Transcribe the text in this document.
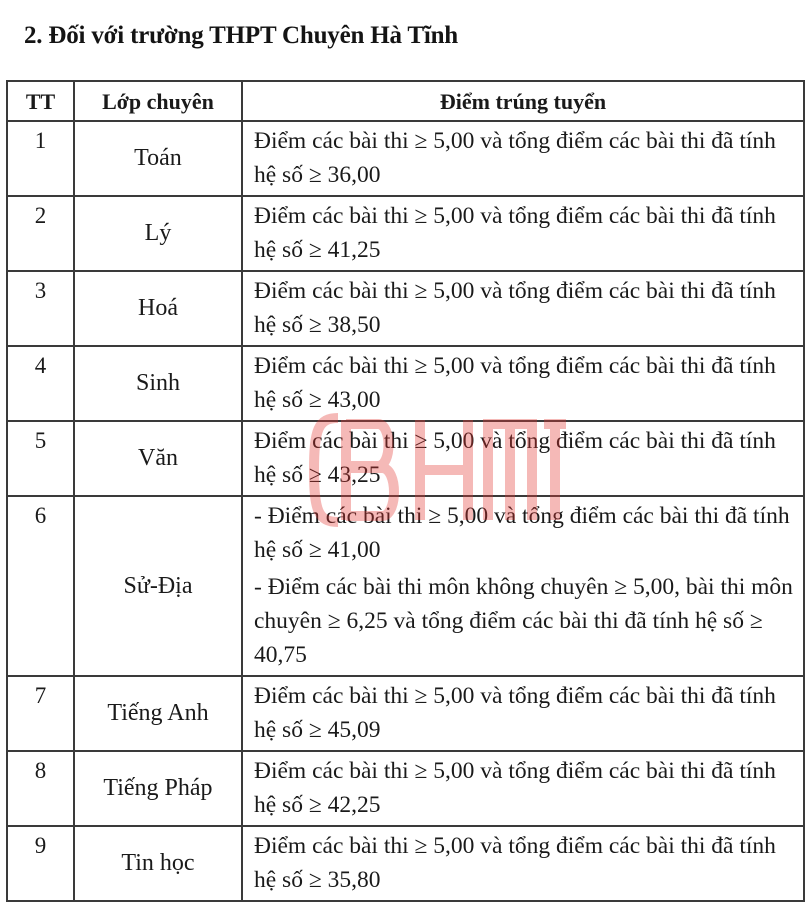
2. Đối với trường THPT Chuyên Hà Tĩnh
TT	Lớp chuyên	Điểm trúng tuyển
1	Toán	Điểm các bài thi ≥ 5,00 và tổng điểm các bài thi đã tính hệ số ≥ 36,00

2	Lý	Điểm các bài thi ≥ 5,00 và tổng điểm các bài thi đã tính hệ số ≥ 41,25

3	Hoá	Điểm các bài thi ≥ 5,00 và tổng điểm các bài thi đã tính hệ số ≥ 38,50

4	Sinh	Điểm các bài thi ≥ 5,00 và tổng điểm các bài thi đã tính hệ số ≥ 43,00

5	Văn	Điểm các bài thi ≥ 5,00 và tổng điểm các bài thi đã tính hệ số ≥ 43,25

6	Sử-Địa	- Điểm các bài thi ≥ 5,00 và tổng điểm các bài thi đã tính hệ số ≥ 41,00

- Điểm các bài thi môn không chuyên ≥ 5,00, bài thi môn chuyên ≥ 6,25 và tổng điểm các bài thi đã tính hệ số ≥ 40,75

7	Tiếng Anh	Điểm các bài thi ≥ 5,00 và tổng điểm các bài thi đã tính hệ số ≥ 45,09

8	Tiếng Pháp	Điểm các bài thi ≥ 5,00 và tổng điểm các bài thi đã tính hệ số ≥ 42,25

9	Tin học	Điểm các bài thi ≥ 5,00 và tổng điểm các bài thi đã tính hệ số ≥ 35,80
